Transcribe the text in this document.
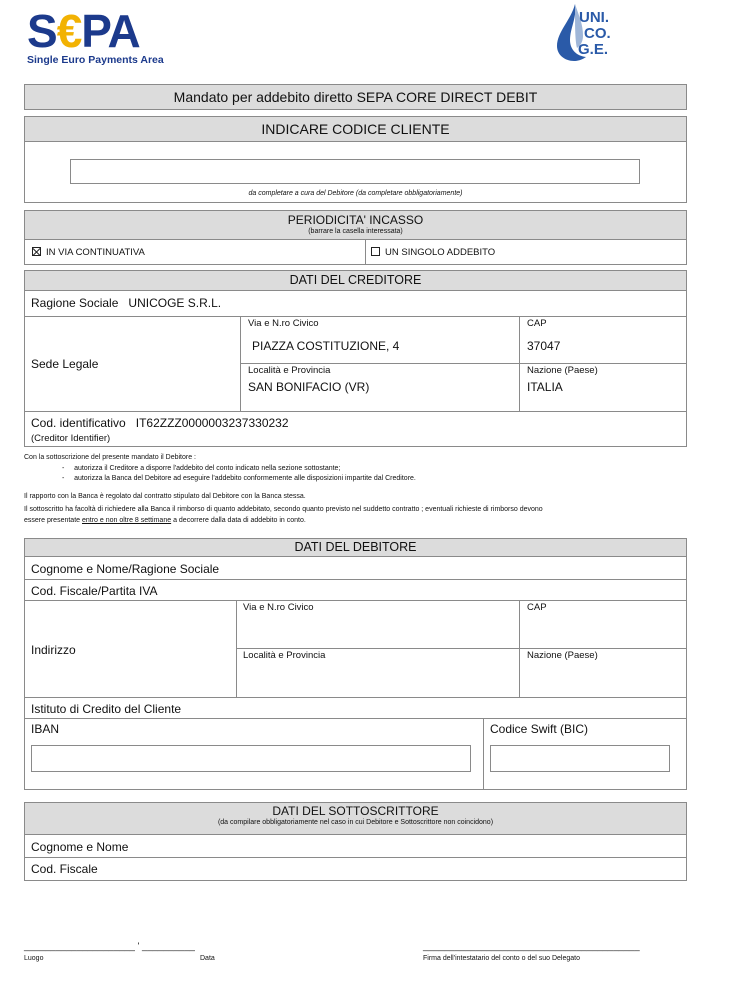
S€PA
Single Euro Payments Area
UNI.
CO.
G.E.
Mandato per addebito diretto SEPA CORE DIRECT DEBIT
INDICARE CODICE CLIENTE
da completare a cura del Debitore (da completare obbligatoriamente)
PERIODICITA' INCASSO
(barrare la casella interessata)
IN VIA CONTINUATIVA	UN SINGOLO ADDEBITO
DATI DEL CREDITORE
Ragione Sociale UNICOGE S.R.L.
Sede Legale
Via e N.ro Civico
PIAZZA COSTITUZIONE, 4
CAP
37047
Località e Provincia
SAN BONIFACIO (VR)
Nazione (Paese)
ITALIA
Cod. identificativo IT62ZZZ0000003237330232
(Creditor Identifier)
Con la sottoscrizione del presente mandato il Debitore :
-     autorizza il Creditore a disporre l'addebito del conto indicato nella sezione sottostante;
-     autorizza la Banca del Debitore ad eseguire l'addebito conformemente alle disposizioni impartite dal Creditore.
Il rapporto con la Banca è regolato dal contratto stipulato dal Debitore con la Banca stessa.
Il sottoscritto ha facoltà di richiedere alla Banca il rimborso di quanto addebitato, secondo quanto previsto nel suddetto contratto ; eventuali richieste di rimborso devono
essere presentate entro e non oltre 8 settimane a decorrere dalla data di addebito in conto.
DATI DEL DEBITORE
Cognome e Nome/Ragione Sociale
Cod. Fiscale/Partita IVA
Indirizzo
Via e N.ro Civico	CAP
Località e Provincia	Nazione (Paese)
Istituto di Credito del Cliente
IBAN	Codice Swift (BIC)
DATI DEL SOTTOSCRITTORE
(da compilare obbligatoriamente nel caso in cui Debitore e Sottoscrittore non coincidono)
Cognome e Nome
Cod. Fiscale
_____________________ ' __________
Luogo	Data
_________________________________________
Firma dell'intestatario del conto o del suo Delegato
